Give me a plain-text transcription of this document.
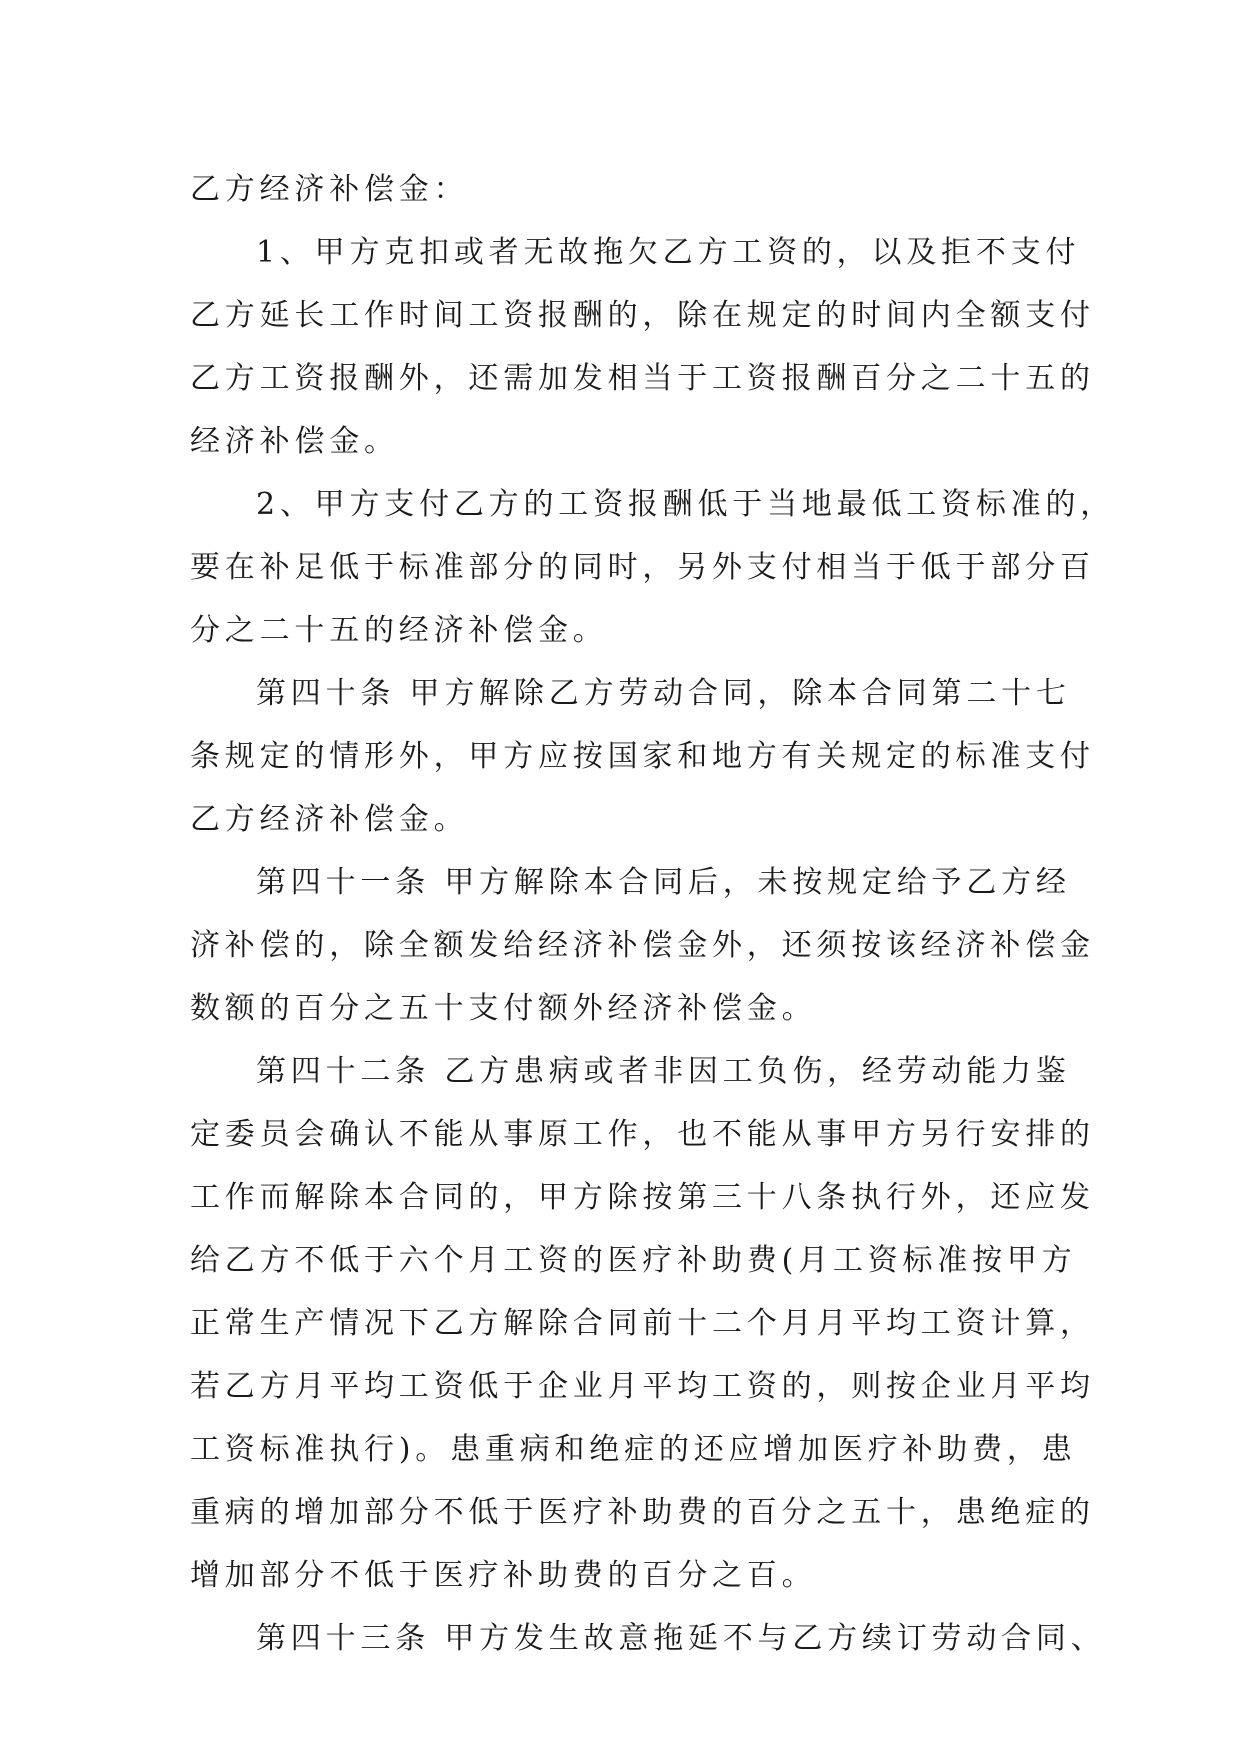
乙方经济补偿金：
1、甲方克扣或者无故拖欠乙方工资的，以及拒不支付
乙方延长工作时间工资报酬的，除在规定的时间内全额支付
乙方工资报酬外，还需加发相当于工资报酬百分之二十五的
经济补偿金。
2、甲方支付乙方的工资报酬低于当地最低工资标准的，
要在补足低于标准部分的同时，另外支付相当于低于部分百
分之二十五的经济补偿金。
第四十条 甲方解除乙方劳动合同，除本合同第二十七
条规定的情形外，甲方应按国家和地方有关规定的标准支付
乙方经济补偿金。
第四十一条 甲方解除本合同后，未按规定给予乙方经
济补偿的，除全额发给经济补偿金外，还须按该经济补偿金
数额的百分之五十支付额外经济补偿金。
第四十二条 乙方患病或者非因工负伤，经劳动能力鉴
定委员会确认不能从事原工作，也不能从事甲方另行安排的
工作而解除本合同的，甲方除按第三十八条执行外，还应发
给乙方不低于六个月工资的医疗补助费(月工资标准按甲方
正常生产情况下乙方解除合同前十二个月月平均工资计算，
若乙方月平均工资低于企业月平均工资的，则按企业月平均
工资标准执行)。患重病和绝症的还应增加医疗补助费，患
重病的增加部分不低于医疗补助费的百分之五十，患绝症的
增加部分不低于医疗补助费的百分之百。
第四十三条 甲方发生故意拖延不与乙方续订劳动合同、
